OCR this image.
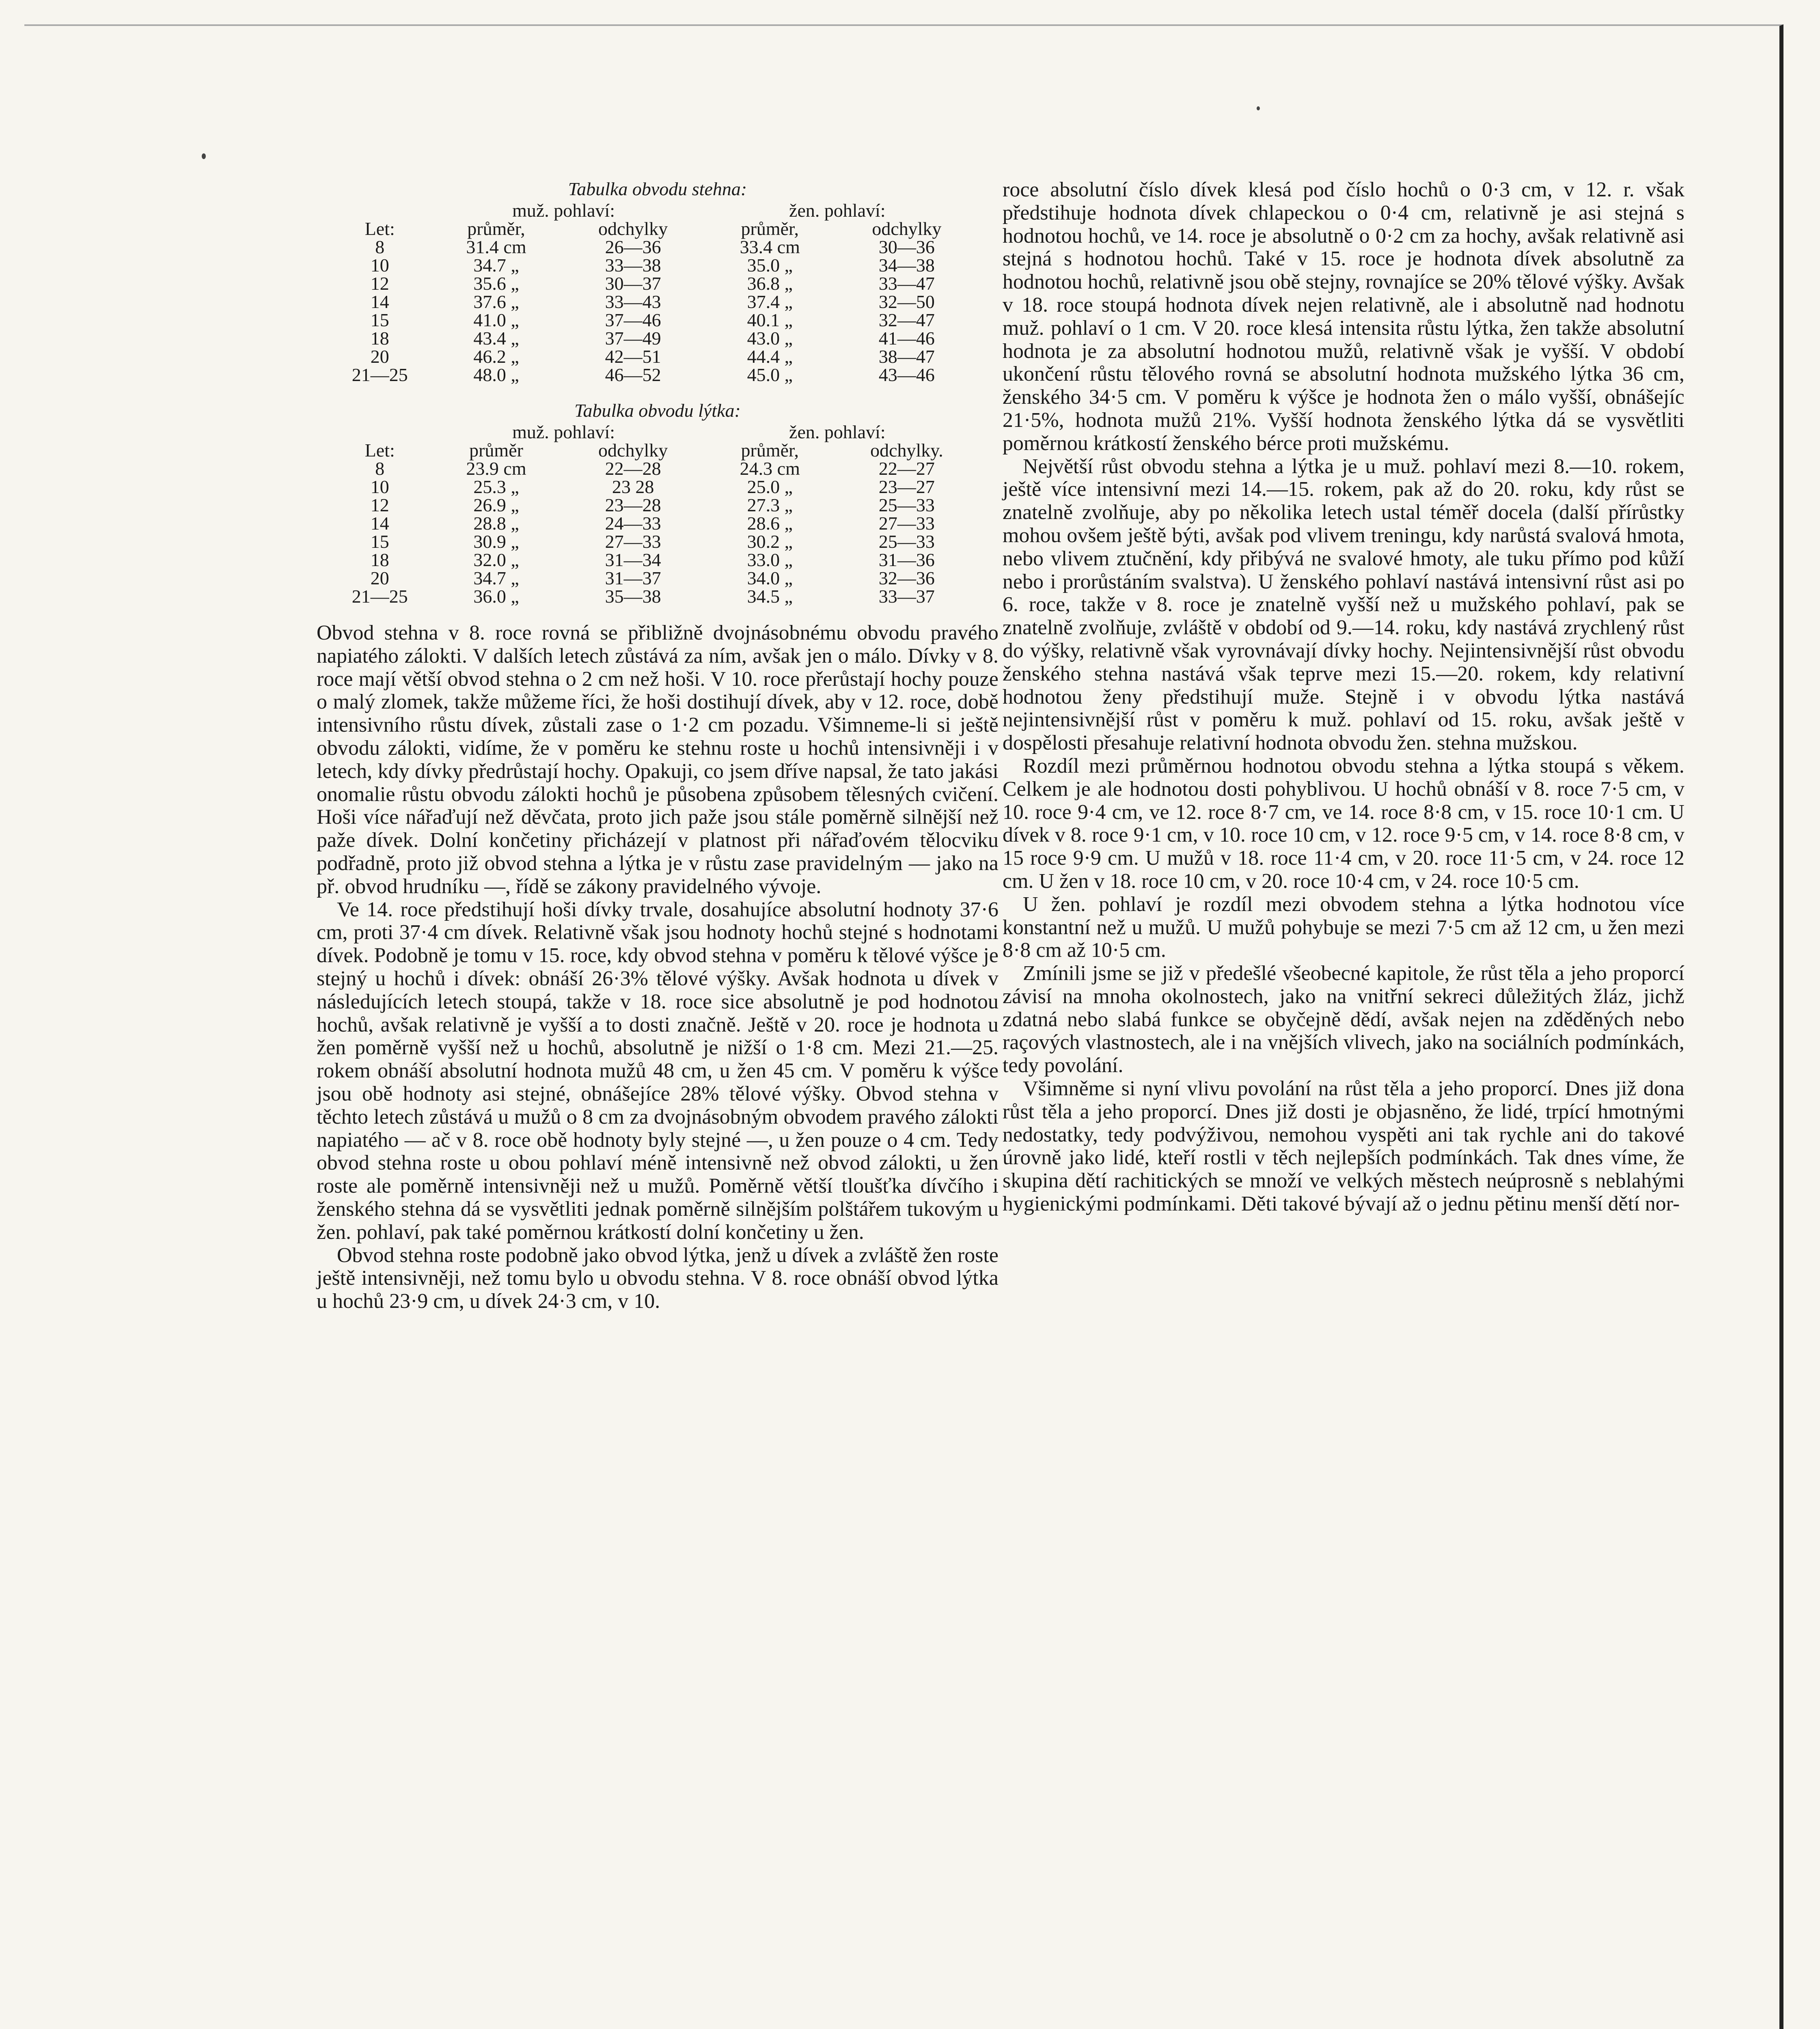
Tabulka obvodu stehna:

	muž. pohlaví:		žen. pohlaví:	
Let:	průměr,	odchylky	průměr,	odchylky
8	31.4 cm	26—36	33.4 cm	30—36
10	34.7 „	33—38	35.0 „	34—38
12	35.6 „	30—37	36.8 „	33—47
14	37.6 „	33—43	37.4 „	32—50
15	41.0 „	37—46	40.1 „	32—47
18	43.4 „	37—49	43.0 „	41—46
20	46.2 „	42—51	44.4 „	38—47
21—25	48.0 „	46—52	45.0 „	43—46

Tabulka obvodu lýtka:

	muž. pohlaví:		žen. pohlaví:	
Let:	průměr	odchylky	průměr,	odchylky.
8	23.9 cm	22—28	24.3 cm	22—27
10	25.3 „	23 28	25.0 „	23—27
12	26.9 „	23—28	27.3 „	25—33
14	28.8 „	24—33	28.6 „	27—33
15	30.9 „	27—33	30.2 „	25—33
18	32.0 „	31—34	33.0 „	31—36
20	34.7 „	31—37	34.0 „	32—36
21—25	36.0 „	35—38	34.5 „	33—37

Obvod stehna v 8. roce rovná se přibližně dvojnásobnému obvodu pravého napiatého zálokti. V dalších letech zůstává za ním, avšak jen o málo. Dívky v 8. roce mají větší obvod stehna o 2 cm než hoši. V 10. roce přerůstají hochy pouze o malý zlomek, takže můžeme říci, že hoši dostihují dívek, aby v 12. roce, době intensivního růstu dívek, zůstali zase o 1·2 cm pozadu. Všimneme-li si ještě obvodu zálokti, vidíme, že v poměru ke stehnu roste u hochů intensivněji i v letech, kdy dívky předrůstají hochy. Opakuji, co jsem dříve napsal, že tato jakási onomalie růstu obvodu zálokti hochů je působena způsobem tělesných cvičení. Hoši více nářaďují než děvčata, proto jich paže jsou stále poměrně silnější než paže dívek. Dolní končetiny přicházejí v platnost při nářaďovém tělocviku podřadně, proto již obvod stehna a lýtka je v růstu zase pravidelným — jako na př. obvod hrudníku —, řídě se zákony pravidelného vývoje.

Ve 14. roce předstihují hoši dívky trvale, dosahujíce absolutní hodnoty 37·6 cm, proti 37·4 cm dívek. Relativně však jsou hodnoty hochů stejné s hodnotami dívek. Podobně je tomu v 15. roce, kdy obvod stehna v poměru k tělové výšce je stejný u hochů i dívek: obnáší 26·3% tělové výšky. Avšak hodnota u dívek v následujících letech stoupá, takže v 18. roce sice absolutně je pod hodnotou hochů, avšak relativně je vyšší a to dosti značně. Ještě v 20. roce je hodnota u žen poměrně vyšší než u hochů, absolutně je nižší o 1·8 cm. Mezi 21.—25. rokem obnáší absolutní hodnota mužů 48 cm, u žen 45 cm. V poměru k výšce jsou obě hodnoty asi stejné, obnášejíce 28% tělové výšky. Obvod stehna v těchto letech zůstává u mužů o 8 cm za dvojnásobným obvodem pravého zálokti napiatého — ač v 8. roce obě hodnoty byly stejné —, u žen pouze o 4 cm. Tedy obvod stehna roste u obou pohlaví méně intensivně než obvod zálokti, u žen roste ale poměrně intensivněji než u mužů. Poměrně větší tloušťka dívčího i ženského stehna dá se vysvětliti jednak poměrně silnějším polštářem tukovým u žen. pohlaví, pak také poměrnou krátkostí dolní končetiny u žen.

Obvod stehna roste podobně jako obvod lýtka, jenž u dívek a zvláště žen roste ještě intensivněji, než tomu bylo u obvodu stehna. V 8. roce obnáší obvod lýtka u hochů 23·9 cm, u dívek 24·3 cm, v 10.

roce absolutní číslo dívek klesá pod číslo hochů o 0·3 cm, v 12. r. však předstihuje hodnota dívek chlapeckou o 0·4 cm, relativně je asi stejná s hodnotou hochů, ve 14. roce je absolutně o 0·2 cm za hochy, avšak relativně asi stejná s hodnotou hochů. Také v 15. roce je hodnota dívek absolutně za hodnotou hochů, relativně jsou obě stejny, rovnajíce se 20% tělové výšky. Avšak v 18. roce stoupá hodnota dívek nejen relativně, ale i absolutně nad hodnotu muž. pohlaví o 1 cm. V 20. roce klesá intensita růstu lýtka, žen takže absolutní hodnota je za absolutní hodnotou mužů, relativně však je vyšší. V období ukončení růstu tělového rovná se absolutní hodnota mužského lýtka 36 cm, ženského 34·5 cm. V poměru k výšce je hodnota žen o málo vyšší, obnášejíc 21·5%, hodnota mužů 21%. Vyšší hodnota ženského lýtka dá se vysvětliti poměrnou krátkostí ženského bérce proti mužskému.

Největší růst obvodu stehna a lýtka je u muž. pohlaví mezi 8.—10. rokem, ještě více intensivní mezi 14.—15. rokem, pak až do 20. roku, kdy růst se znatelně zvolňuje, aby po několika letech ustal téměř docela (další přírůstky mohou ovšem ještě býti, avšak pod vlivem treningu, kdy narůstá svalová hmota, nebo vlivem ztučnění, kdy přibývá ne svalové hmoty, ale tuku přímo pod kůží nebo i prorůstáním svalstva). U ženského pohlaví nastává intensivní růst asi po 6. roce, takže v 8. roce je znatelně vyšší než u mužského pohlaví, pak se znatelně zvolňuje, zvláště v období od 9.—14. roku, kdy nastává zrychlený růst do výšky, relativně však vyrovnávají dívky hochy. Nejintensivnější růst obvodu ženského stehna nastává však teprve mezi 15.—20. rokem, kdy relativní hodnotou ženy předstihují muže. Stejně i v obvodu lýtka nastává nejintensivnější růst v poměru k muž. pohlaví od 15. roku, avšak ještě v dospělosti přesahuje relativní hodnota obvodu žen. stehna mužskou.

Rozdíl mezi průměrnou hodnotou obvodu stehna a lýtka stoupá s věkem. Celkem je ale hodnotou dosti pohyblivou. U hochů obnáší v 8. roce 7·5 cm, v 10. roce 9·4 cm, ve 12. roce 8·7 cm, ve 14. roce 8·8 cm, v 15. roce 10·1 cm. U dívek v 8. roce 9·1 cm, v 10. roce 10 cm, v 12. roce 9·5 cm, v 14. roce 8·8 cm, v 15 roce 9·9 cm. U mužů v 18. roce 11·4 cm, v 20. roce 11·5 cm, v 24. roce 12 cm. U žen v 18. roce 10 cm, v 20. roce 10·4 cm, v 24. roce 10·5 cm.

U žen. pohlaví je rozdíl mezi obvodem stehna a lýtka hodnotou více konstantní než u mužů. U mužů pohybuje se mezi 7·5 cm až 12 cm, u žen mezi 8·8 cm až 10·5 cm.

Zmínili jsme se již v předešlé všeobecné kapitole, že růst těla a jeho proporcí závisí na mnoha okolnostech, jako na vnitřní sekreci důležitých žláz, jichž zdatná nebo slabá funkce se obyčejně dědí, avšak nejen na zděděných nebo raçových vlastnostech, ale i na vnějších vlivech, jako na sociálních podmínkách, tedy povolání.

Všimněme si nyní vlivu povolání na růst těla a jeho proporcí. Dnes již dona růst těla a jeho proporcí. Dnes již dosti je objasněno, že lidé, trpící hmotnými nedostatky, tedy podvýživou, nemohou vyspěti ani tak rychle ani do takové úrovně jako lidé, kteří rostli v těch nejlepších podmínkách. Tak dnes víme, že skupina dětí rachitických se množí ve velkých městech neúprosně s neblahými hygienickými podmínkami. Děti takové bývají až o jednu pětinu menší dětí nor-
